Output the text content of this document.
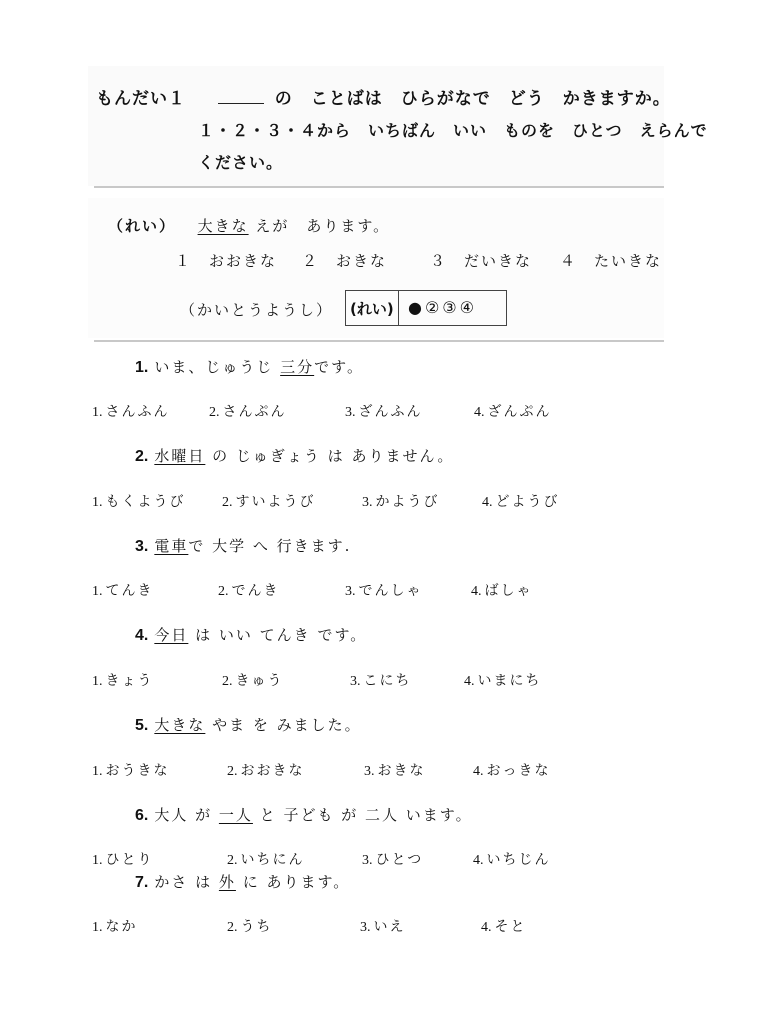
もんだい１	の　ことばは　ひらがなで　どう　かきますか。
１・２・３・４から　いちばん　いい　ものを　ひとつ　えらんで
ください。
（れい） 大きな えが　あります。
１　おおきな ２　おきな	３　だいきな ４　たいきな
（かいとうようし） (れい) ●②③④
1. いま、じゅうじ 三分です。
2. 水曜日 の じゅぎょう は ありません。
3. 電車で 大学 へ 行きます.
4. 今日 は いい てんき です。
5. 大きな やま を みました。
6. 大人 が 一人 と 子ども が 二人 います。
7. かさ は 外 に あります。
1. さんふん	2. さんぷん	3. ざんふん	4. ざんぷん
1. もくようび	2. すいようび	3. かようび	4. どようび
1. てんき	2. でんき	3. でんしゃ	4. ばしゃ
1. きょう	2. きゅう	3. こにち	4. いまにち
1. おうきな	2. おおきな	3. おきな	4. おっきな
1. ひとり	2. いちにん	3. ひとつ	4. いちじん
1. なか	2. うち	3. いえ	4. そと
